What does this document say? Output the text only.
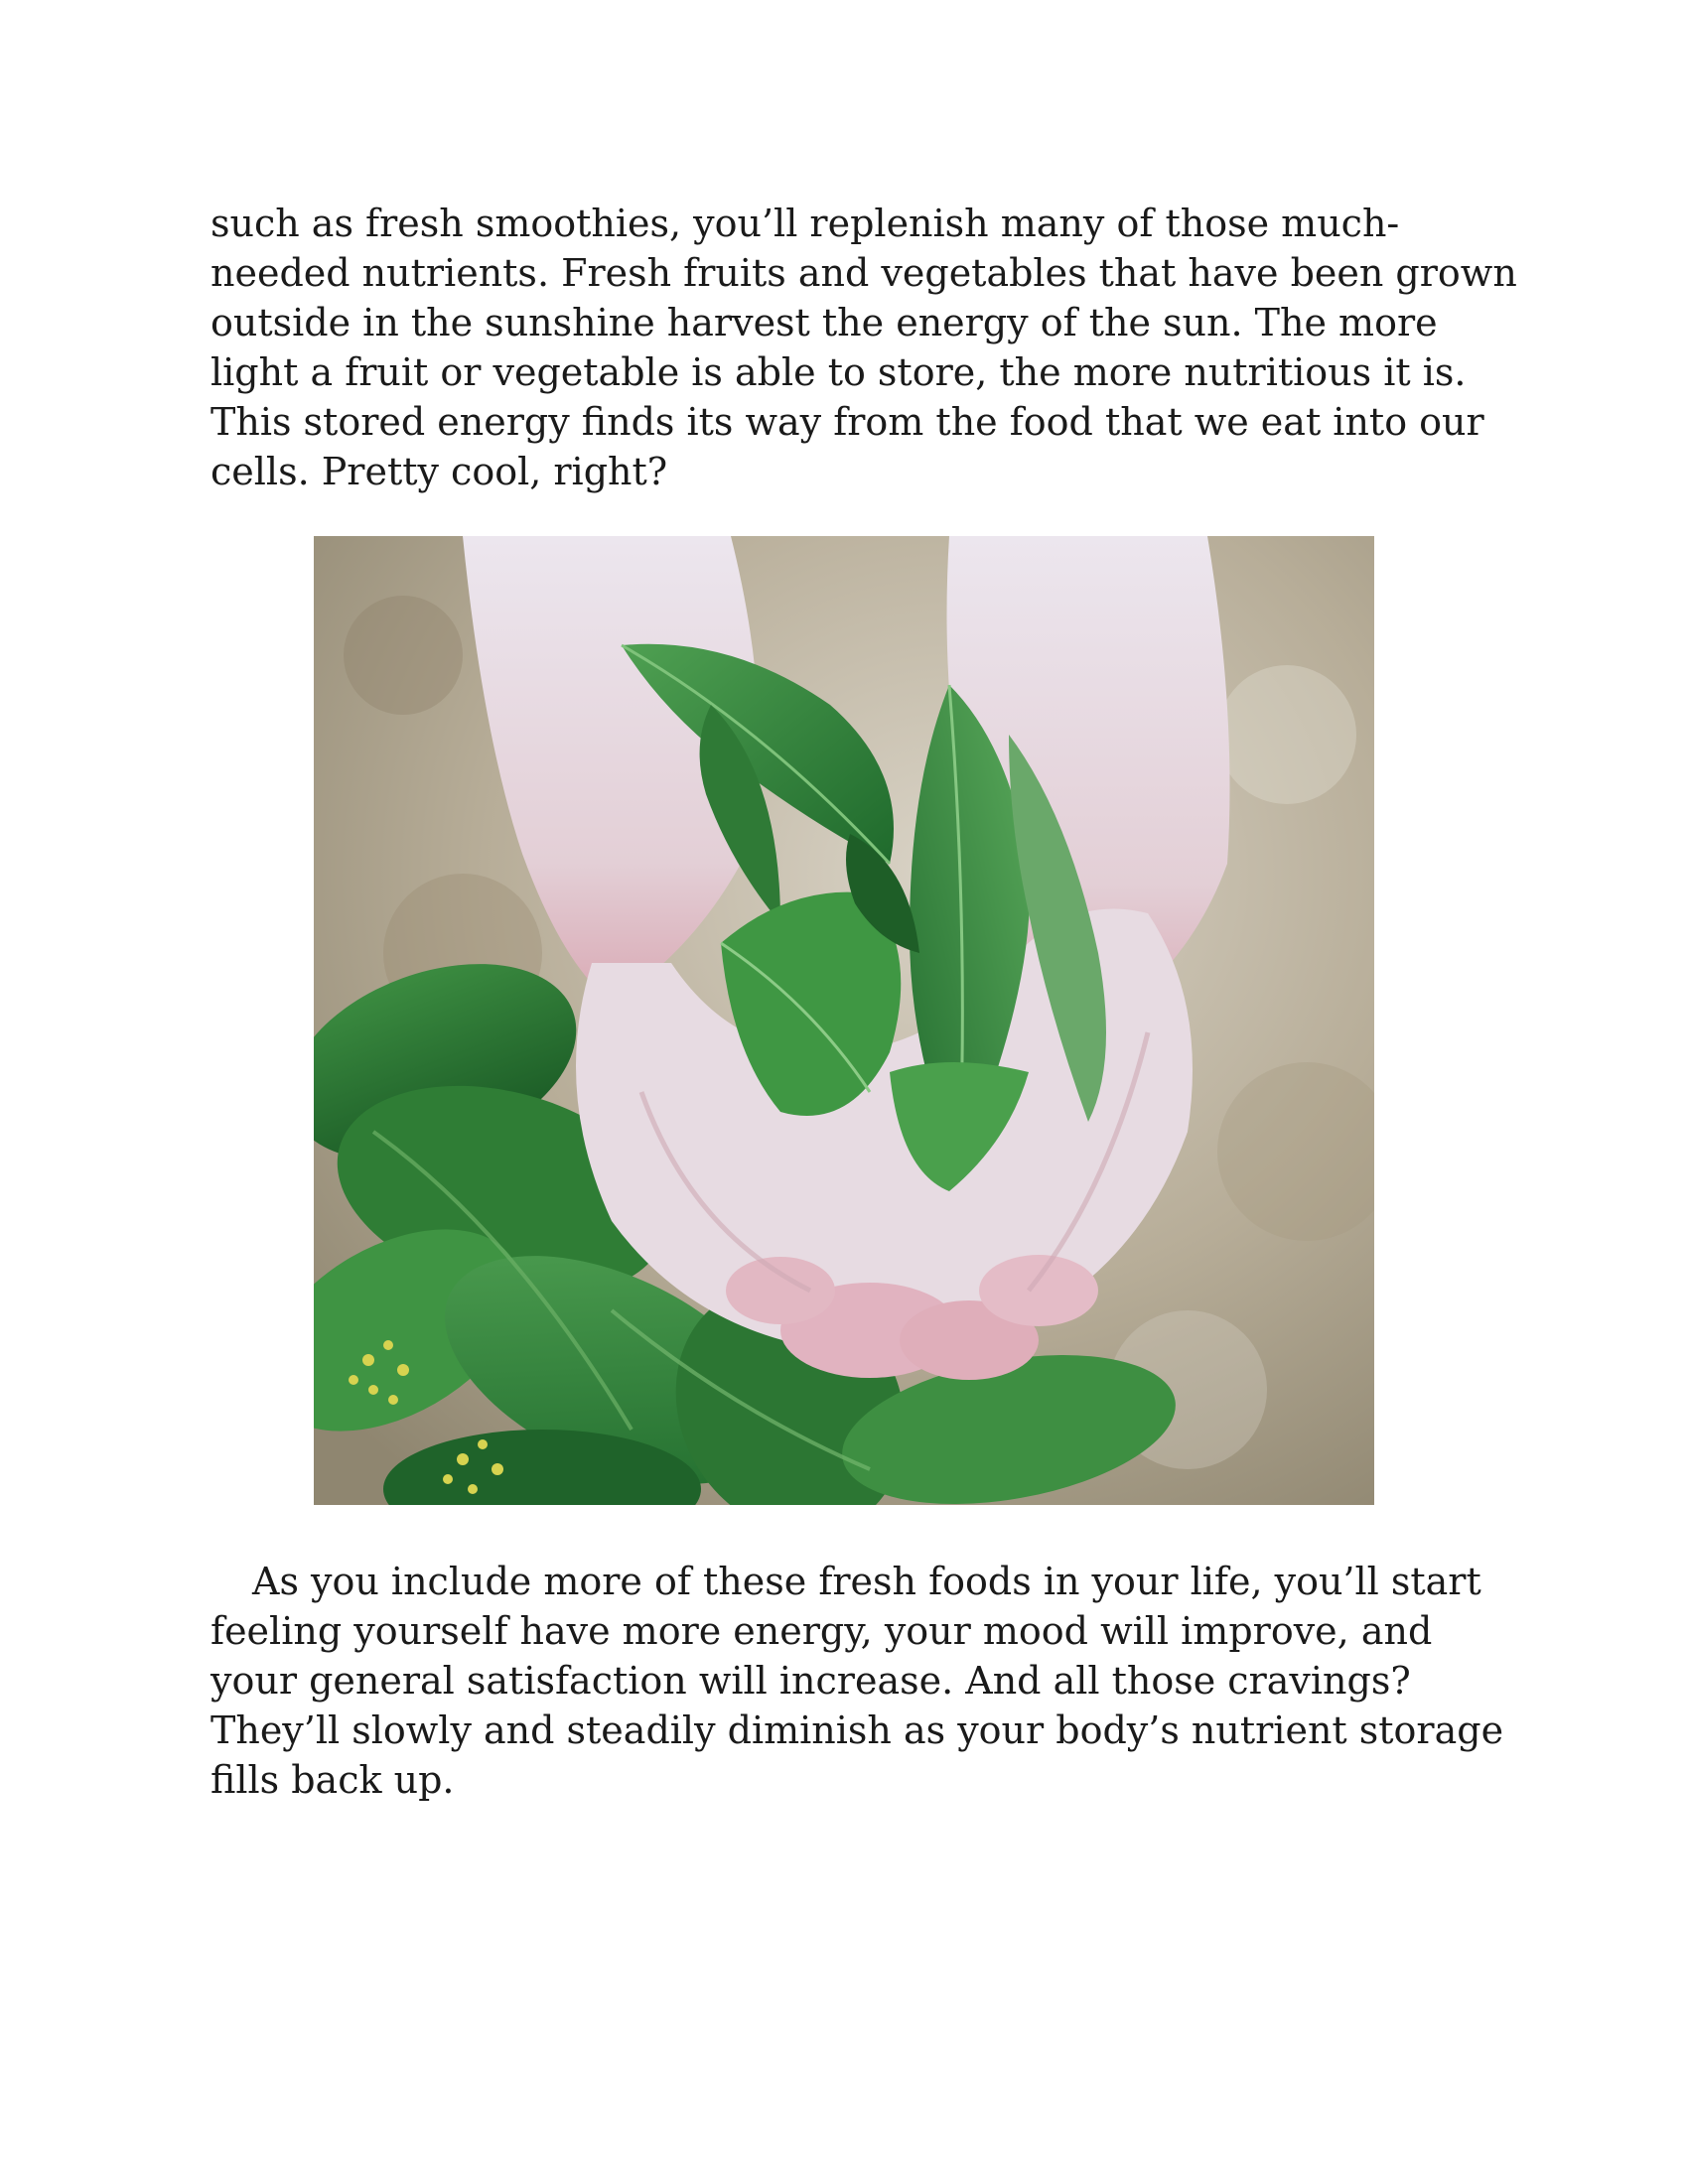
such as fresh smoothies, you’ll replenish many of those much-
needed nutrients. Fresh fruits and vegetables that have been grown
outside in the sunshine harvest the energy of the sun. The more
light a fruit or vegetable is able to store, the more nutritious it is.
This stored energy finds its way from the food that we eat into our
cells. Pretty cool, right?
As you include more of these fresh foods in your life, you’ll start
feeling yourself have more energy, your mood will improve, and
your general satisfaction will increase. And all those cravings?
They’ll slowly and steadily diminish as your body’s nutrient storage
fills back up.
